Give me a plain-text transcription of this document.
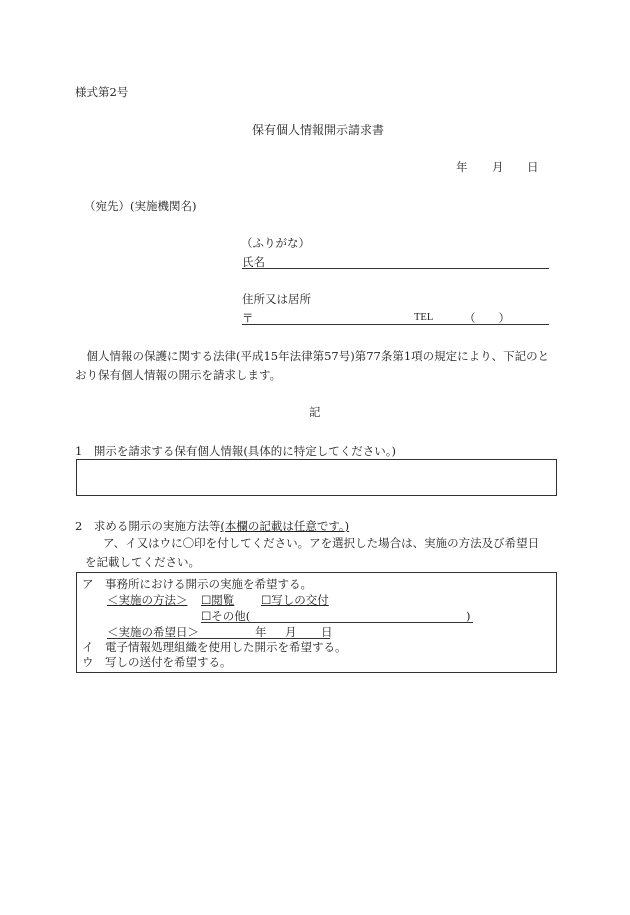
様式第2号
保有個人情報開示請求書
年 月 日
（宛先）(実施機関名)
（ふりがな）
氏名
住所又は居所
〒	TEL	（　　）
　個人情報の保護に関する法律(平成15年法律第57号)第77条第1項の規定により、下記のと
おり保有個人情報の開示を請求します。
記
1　開示を請求する保有個人情報(具体的に特定してください。)
2　求める開示の実施方法等(本欄の記載は任意です。)
ア、イ又はウに〇印を付してください。アを選択した場合は、実施の方法及び希望日
を記載してください。
ア　事務所における開示の実施を希望する。
＜実施の方法＞ ☐閲覧 ☐写しの交付
☐その他(	)
＜実施の希望日＞	年 月 日
イ　電子情報処理組織を使用した開示を希望する。
ウ　写しの送付を希望する。
